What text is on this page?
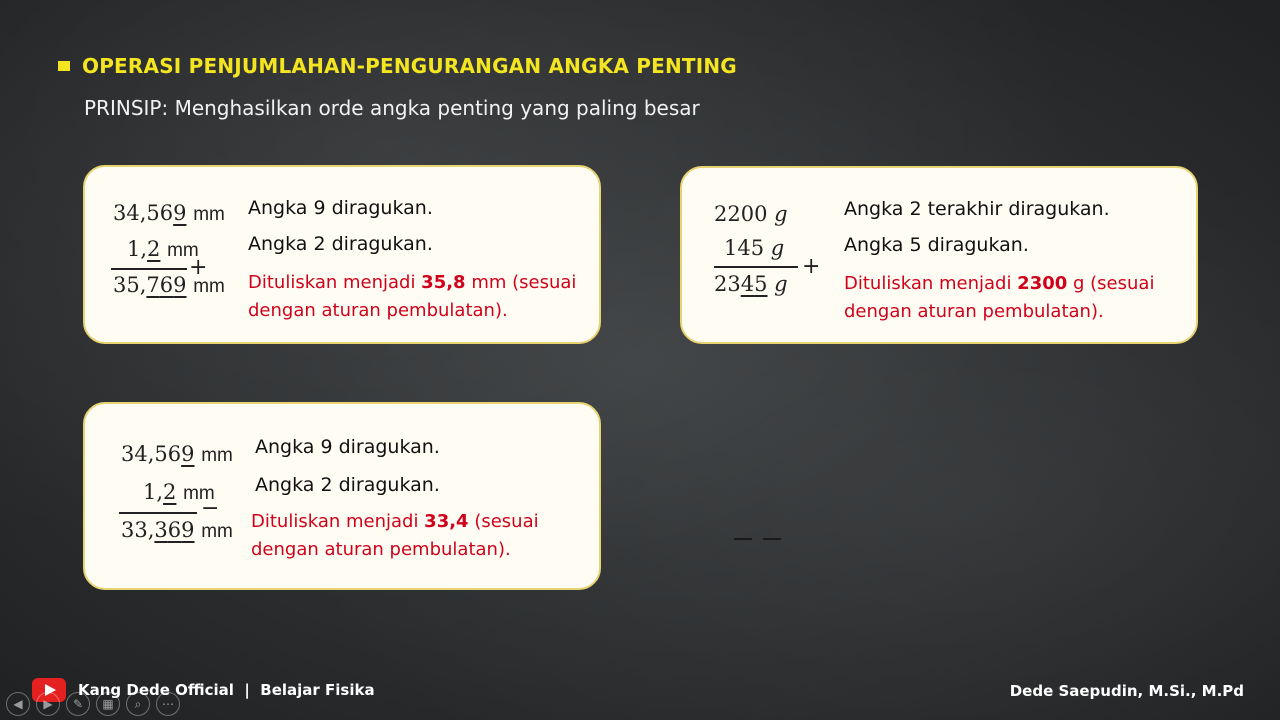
OPERASI PENJUMLAHAN-PENGURANGAN ANGKA PENTING
PRINSIP: Menghasilkan orde angka penting yang paling besar
34,569 mm
1,2 mm
+
35,769 mm
Angka 9 diragukan.
Angka 2 diragukan.
Dituliskan menjadi 35,8 mm (sesuai dengan aturan pembulatan).
2200 g
145 g
+
2345 g
Angka 2 terakhir diragukan.
Angka 5 diragukan.
Dituliskan menjadi 2300 g (sesuai dengan aturan pembulatan).
34,569 mm
1,2 mm
−
33,369 mm
Angka 9 diragukan.
Angka 2 diragukan.
Dituliskan menjadi 33,4 (sesuai dengan aturan pembulatan).
Kang Dede Official  |  Belajar Fisika	Dede Saepudin, M.Si., M.Pd
◀	▶	✎	▦	⌕	⋯
